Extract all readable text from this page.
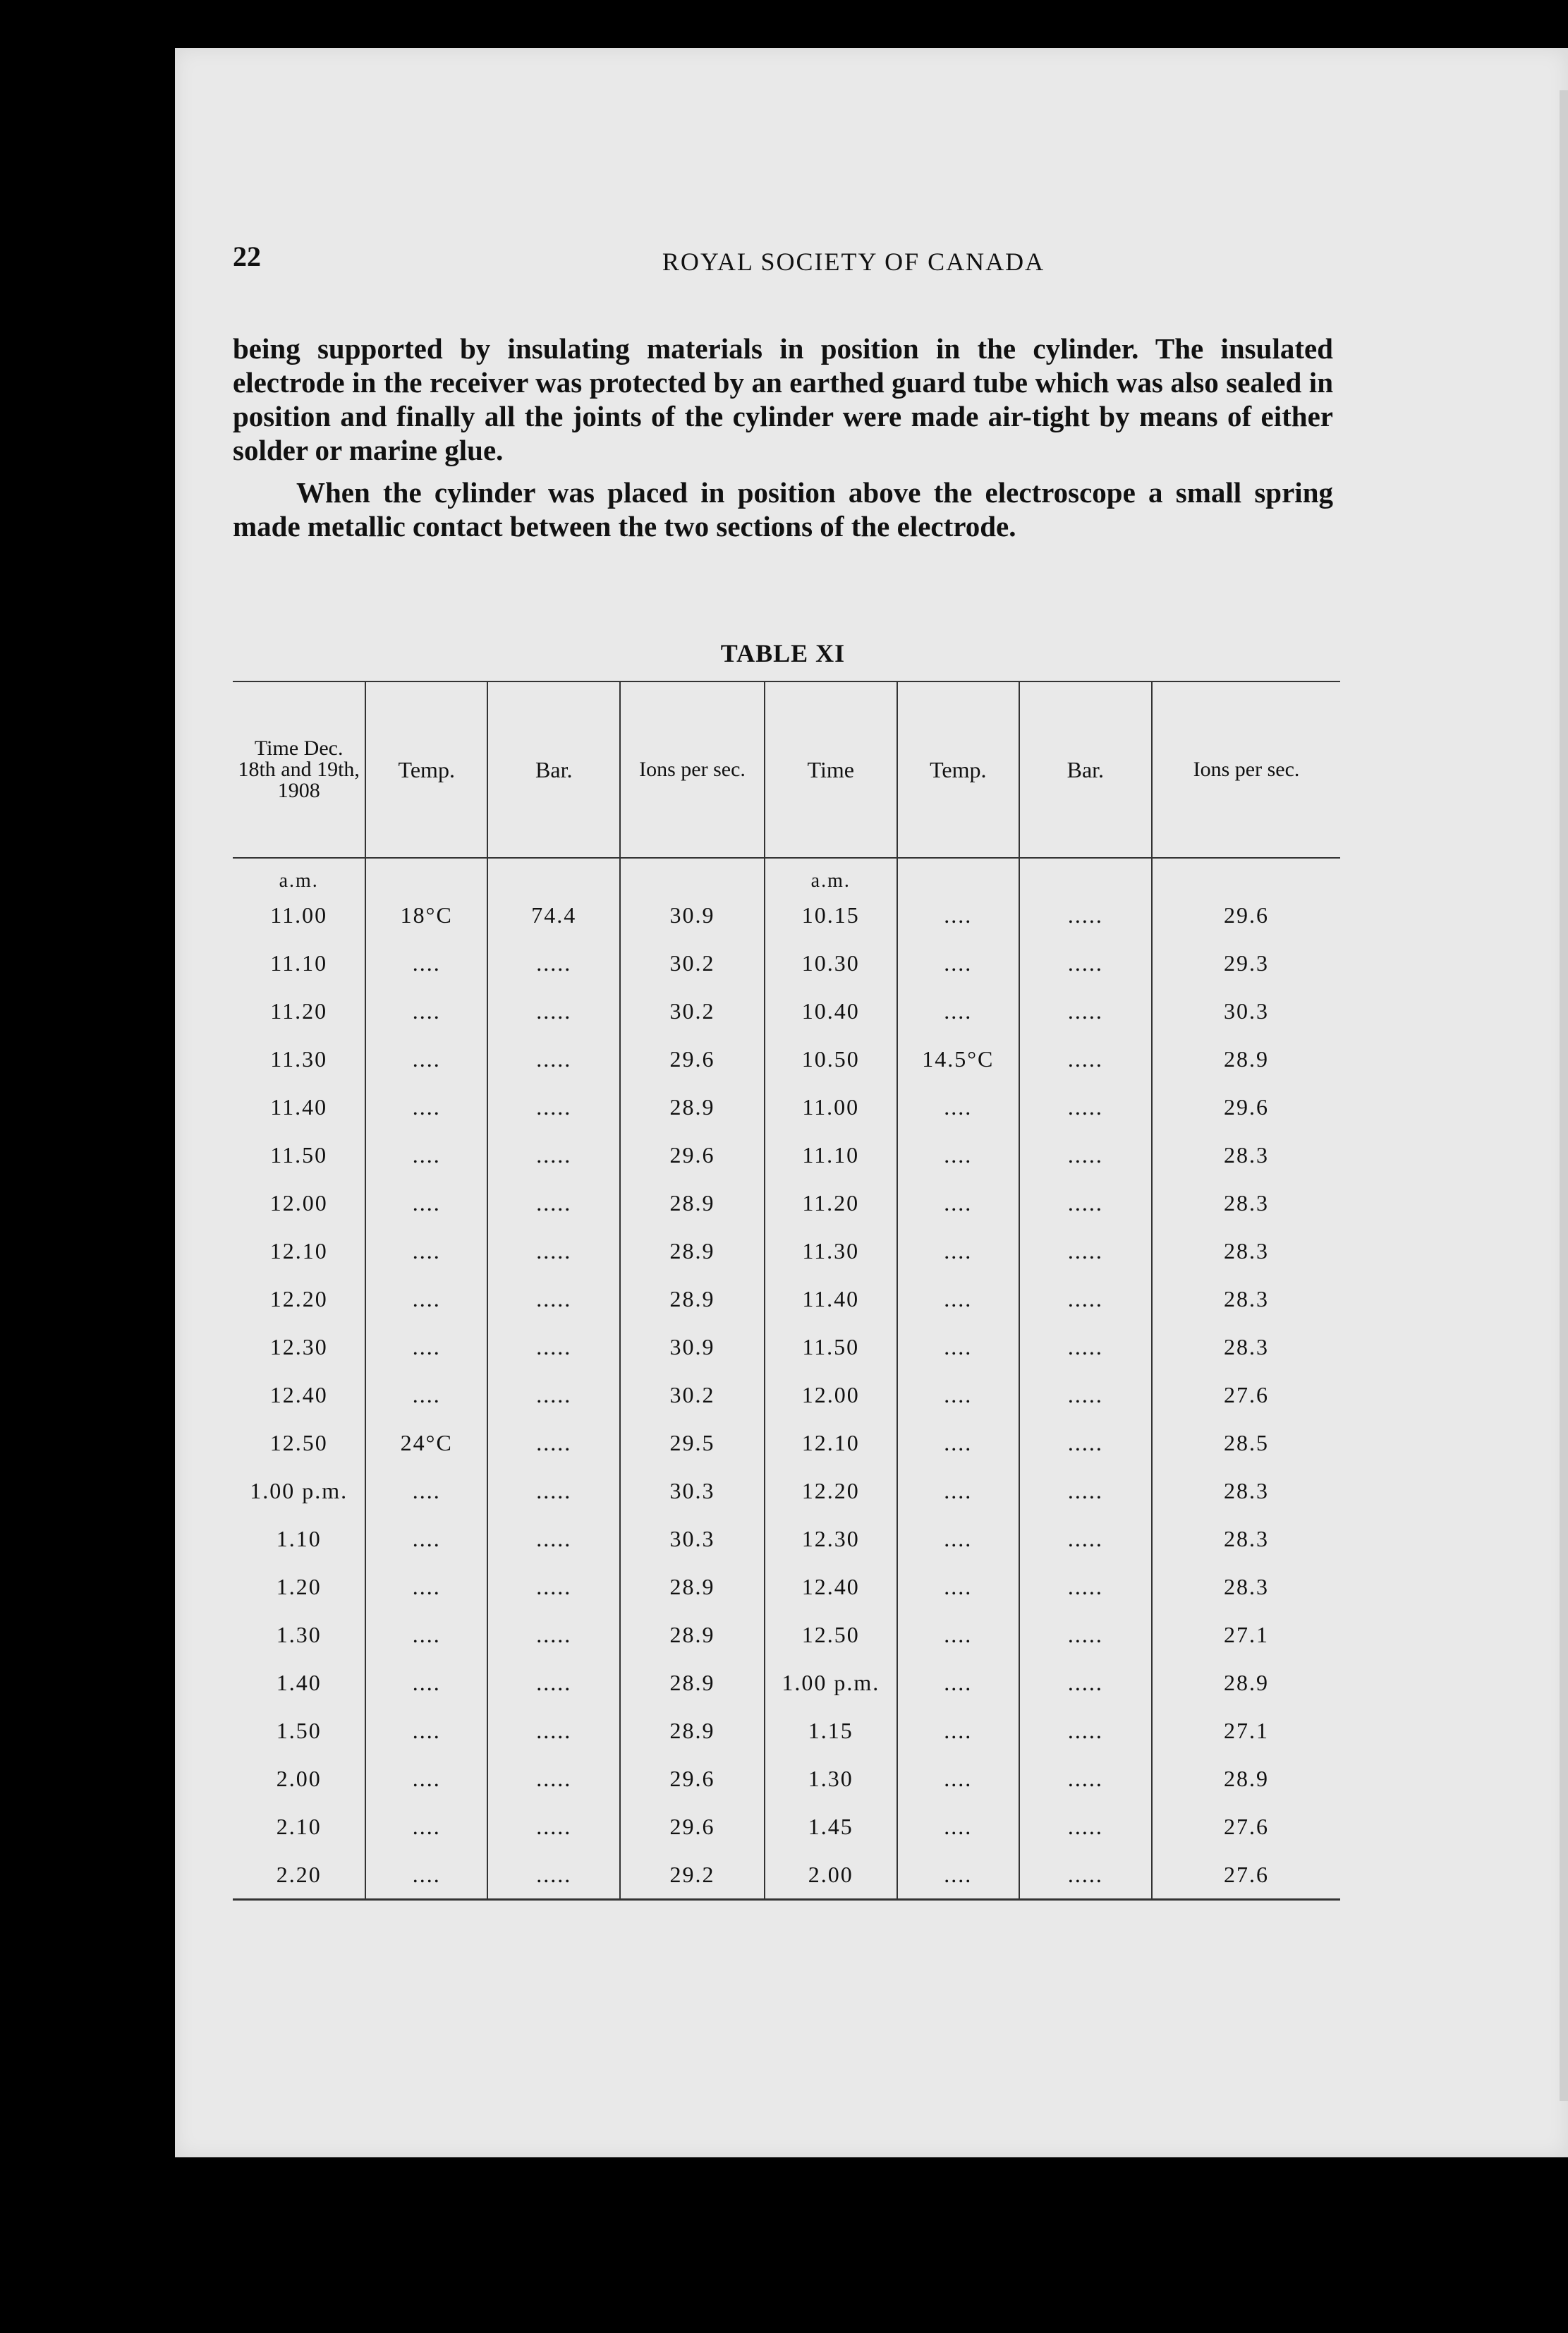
22	ROYAL SOCIETY OF CANADA

being supported by insulating materials in position in the cylinder. The insulated electrode in the receiver was protected by an earthed guard tube which was also sealed in position and finally all the joints of the cylinder were made air-tight by means of either solder or marine glue.

When the cylinder was placed in position above the electroscope a small spring made metallic contact between the two sections of the electrode.

TABLE XI
Time Dec. 18th and 19th, 1908	Temp.	Bar.	Ions per sec.	Time	Temp.	Bar.	Ions per sec.
a.m.				a.m.			
11.00	18°C	74.4	30.9	10.15	....	.....	29.6
11.10	....	.....	30.2	10.30	....	.....	29.3
11.20	....	.....	30.2	10.40	....	.....	30.3
11.30	....	.....	29.6	10.50	14.5°C	.....	28.9
11.40	....	.....	28.9	11.00	....	.....	29.6
11.50	....	.....	29.6	11.10	....	.....	28.3
12.00	....	.....	28.9	11.20	....	.....	28.3
12.10	....	.....	28.9	11.30	....	.....	28.3
12.20	....	.....	28.9	11.40	....	.....	28.3
12.30	....	.....	30.9	11.50	....	.....	28.3
12.40	....	.....	30.2	12.00	....	.....	27.6
12.50	24°C	.....	29.5	12.10	....	.....	28.5
1.00 p.m.	....	.....	30.3	12.20	....	.....	28.3
1.10	....	.....	30.3	12.30	....	.....	28.3
1.20	....	.....	28.9	12.40	....	.....	28.3
1.30	....	.....	28.9	12.50	....	.....	27.1
1.40	....	.....	28.9	1.00 p.m.	....	.....	28.9
1.50	....	.....	28.9	1.15	....	.....	27.1
2.00	....	.....	29.6	1.30	....	.....	28.9
2.10	....	.....	29.6	1.45	....	.....	27.6
2.20	....	.....	29.2	2.00	....	.....	27.6
